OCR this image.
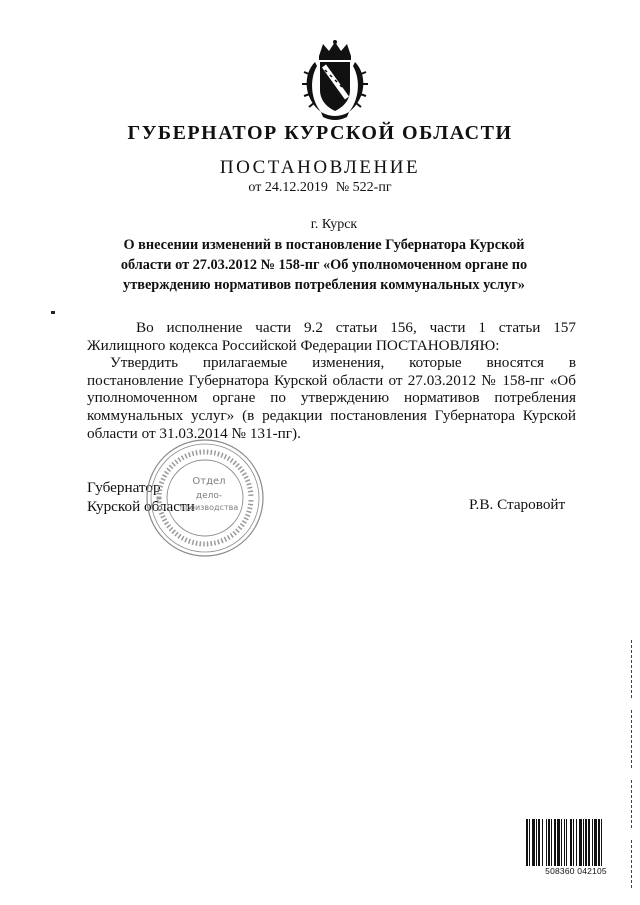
ГУБЕРНАТОР КУРСКОЙ ОБЛАСТИ
ПОСТАНОВЛЕНИЕ
от 24.12.2019 № 522-пг
г. Курск
О внесении изменений в постановление Губернатора Курской
области от 27.03.2012 № 158-пг «Об уполномоченном органе по
утверждению нормативов потребления коммунальных услуг»
Во исполнение части 9.2 статьи 156, части 1 статьи 157
Жилищного кодекса Российской Федерации ПОСТАНОВЛЯЮ:
Утвердить прилагаемые изменения, которые вносятся в
постановление Губернатора Курской области от 27.03.2012 № 158-пг «Об
уполномоченном органе по утверждению нормативов потребления
коммунальных услуг» (в редакции постановления Губернатора Курской
области от 31.03.2014 № 131-пг).
Губернатор
Курской области	Р.В. Старовойт
Отдел
дело-
производства
508360 042105
